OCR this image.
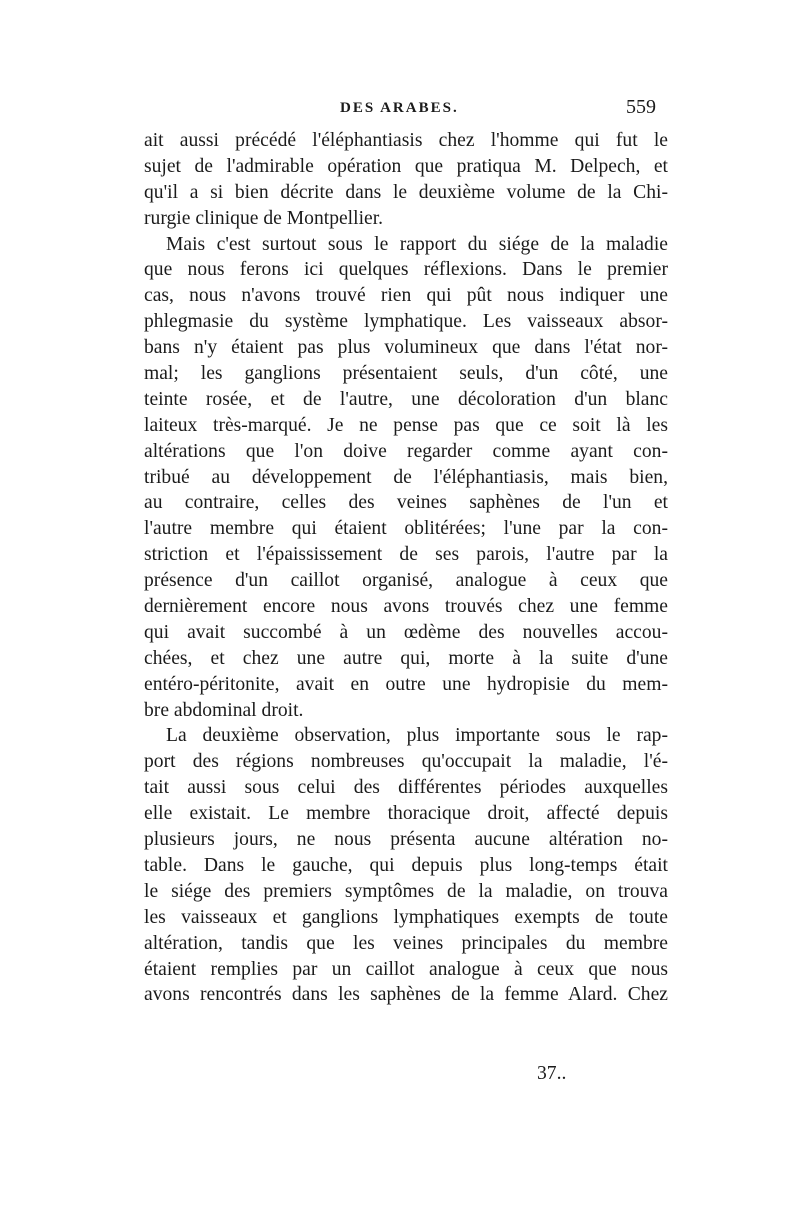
DES ARABES.	559
ait aussi précédé l'éléphantiasis chez l'homme qui fut le
sujet de l'admirable opération que pratiqua M. Delpech, et
qu'il a si bien décrite dans le deuxième volume de la Chi-
rurgie clinique de Montpellier.
Mais c'est surtout sous le rapport du siége de la maladie
que nous ferons ici quelques réflexions. Dans le premier
cas, nous n'avons trouvé rien qui pût nous indiquer une
phlegmasie du système lymphatique. Les vaisseaux absor-
bans n'y étaient pas plus volumineux que dans l'état nor-
mal; les ganglions présentaient seuls, d'un côté, une
teinte rosée, et de l'autre, une décoloration d'un blanc
laiteux très-marqué. Je ne pense pas que ce soit là les
altérations que l'on doive regarder comme ayant con-
tribué au développement de l'éléphantiasis, mais bien,
au contraire, celles des veines saphènes de l'un et
l'autre membre qui étaient oblitérées; l'une par la con-
striction et l'épaississement de ses parois, l'autre par la
présence d'un caillot organisé, analogue à ceux que
dernièrement encore nous avons trouvés chez une femme
qui avait succombé à un œdème des nouvelles accou-
chées, et chez une autre qui, morte à la suite d'une
entéro-péritonite, avait en outre une hydropisie du mem-
bre abdominal droit.
La deuxième observation, plus importante sous le rap-
port des régions nombreuses qu'occupait la maladie, l'é-
tait aussi sous celui des différentes périodes auxquelles
elle existait. Le membre thoracique droit, affecté depuis
plusieurs jours, ne nous présenta aucune altération no-
table. Dans le gauche, qui depuis plus long-temps était
le siége des premiers symptômes de la maladie, on trouva
les vaisseaux et ganglions lymphatiques exempts de toute
altération, tandis que les veines principales du membre
étaient remplies par un caillot analogue à ceux que nous
avons rencontrés dans les saphènes de la femme Alard. Chez
37..
